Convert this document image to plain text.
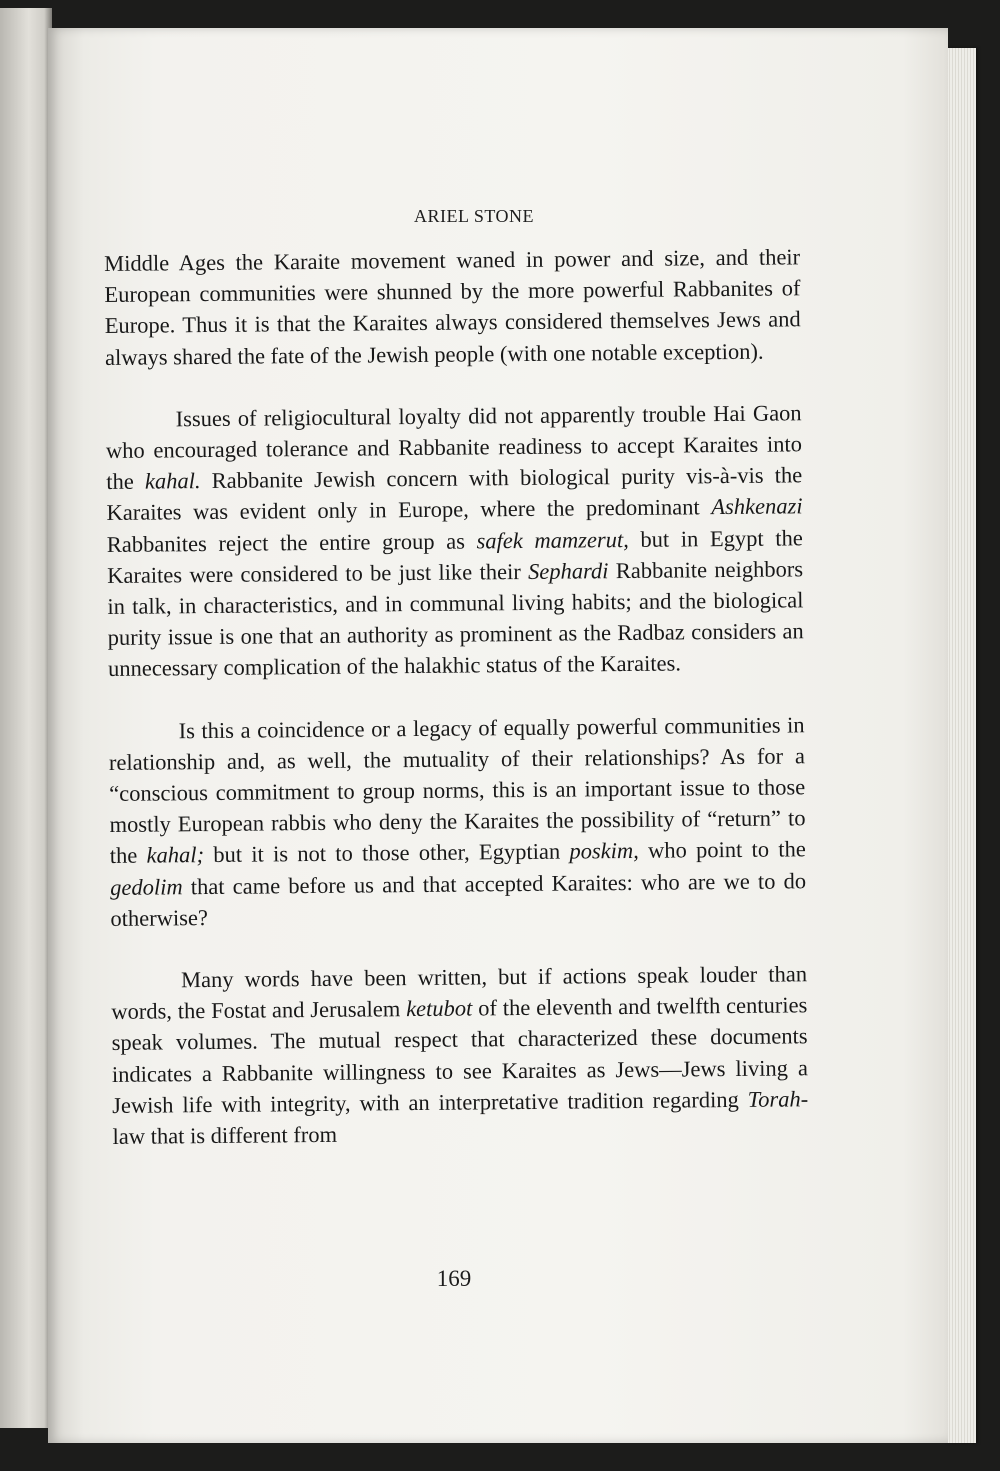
ARIEL STONE

Middle Ages the Karaite movement waned in power and size, and their European communities were shunned by the more powerful Rabbanites of Europe. Thus it is that the Karaites always considered themselves Jews and always shared the fate of the Jewish people (with one notable exception).

Issues of religiocultural loyalty did not apparently trouble Hai Gaon who encouraged tolerance and Rabbanite readiness to accept Karaites into the kahal. Rabbanite Jewish concern with biological purity vis-à-vis the Karaites was evident only in Europe, where the predominant Ashkenazi Rabbanites reject the entire group as safek mamzerut, but in Egypt the Karaites were considered to be just like their Sephardi Rabbanite neighbors in talk, in characteristics, and in communal living habits; and the biological purity issue is one that an authority as prominent as the Radbaz considers an unnecessary complication of the halakhic status of the Karaites.

Is this a coincidence or a legacy of equally powerful communities in relationship and, as well, the mutuality of their relationships? As for a “conscious commitment to group norms, this is an important issue to those mostly European rabbis who deny the Karaites the possibility of “return” to the kahal; but it is not to those other, Egyptian poskim, who point to the gedolim that came before us and that accepted Karaites: who are we to do otherwise?

Many words have been written, but if actions speak louder than words, the Fostat and Jerusalem ketubot of the eleventh and twelfth centuries speak volumes. The mutual respect that characterized these documents indicates a Rabbanite willingness to see Karaites as Jews—Jews living a Jewish life with integrity, with an interpretative tradition regarding Torah-law that is different from

169
